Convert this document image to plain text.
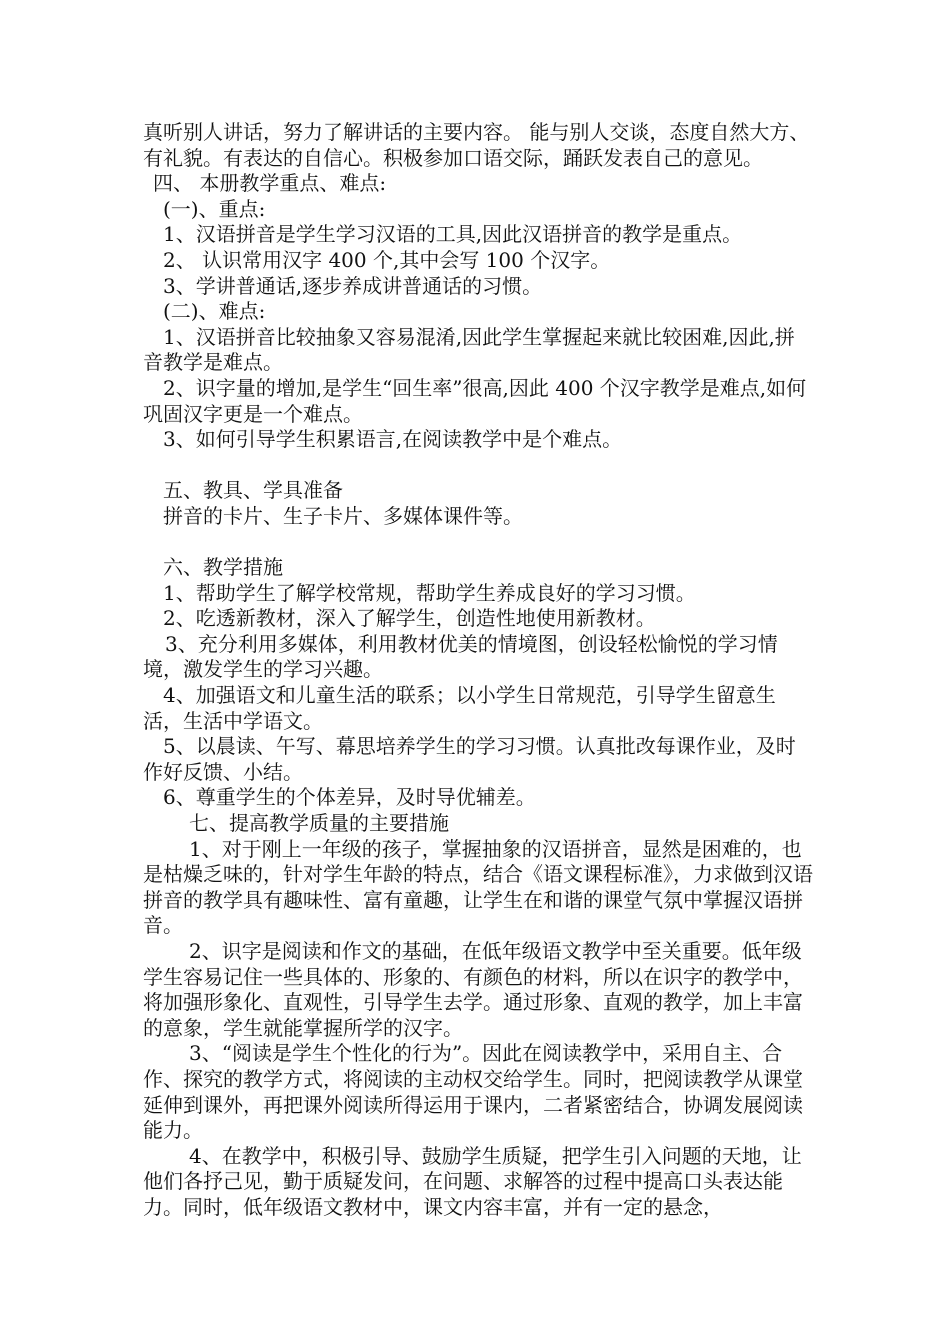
真听别人讲话，努力了解讲话的主要内容。 能与别人交谈，态度自然大方、有礼貌。有表达的自信心。积极参加口语交际，踊跃发表自己的意见。

四、 本册教学重点、难点:

(一)、重点:

1、汉语拼音是学生学习汉语的工具,因此汉语拼音的教学是重点。

2、 认识常用汉字 400 个,其中会写 100 个汉字。

3、学讲普通话,逐步养成讲普通话的习惯。

(二)、难点:

1、汉语拼音比较抽象又容易混淆,因此学生掌握起来就比较困难,因此,拼音教学是难点。

2、识字量的增加,是学生“回生率”很高,因此 400 个汉字教学是难点,如何巩固汉字更是一个难点。

3、如何引导学生积累语言,在阅读教学中是个难点。

五、教具、学具准备

拼音的卡片、生子卡片、多媒体课件等。

六、教学措施

1、帮助学生了解学校常规，帮助学生养成良好的学习习惯。

2、吃透新教材，深入了解学生，创造性地使用新教材。

3、充分利用多媒体，利用教材优美的情境图，创设轻松愉悦的学习情境，激发学生的学习兴趣。

4、加强语文和儿童生活的联系；以小学生日常规范，引导学生留意生活，生活中学语文。

5、以晨读、午写、幕思培养学生的学习习惯。认真批改每课作业，及时作好反馈、小结。

6、尊重学生的个体差异，及时导优辅差。

七、提高教学质量的主要措施

1、对于刚上一年级的孩子，掌握抽象的汉语拼音，显然是困难的，也是枯燥乏味的，针对学生年龄的特点，结合《语文课程标准》，力求做到汉语拼音的教学具有趣味性、富有童趣，让学生在和谐的课堂气氛中掌握汉语拼音。

2、识字是阅读和作文的基础，在低年级语文教学中至关重要。低年级学生容易记住一些具体的、形象的、有颜色的材料，所以在识字的教学中，将加强形象化、直观性，引导学生去学。通过形象、直观的教学，加上丰富的意象，学生就能掌握所学的汉字。

3、“阅读是学生个性化的行为”。因此在阅读教学中，采用自主、合作、探究的教学方式，将阅读的主动权交给学生。同时，把阅读教学从课堂延伸到课外，再把课外阅读所得运用于课内，二者紧密结合，协调发展阅读能力。

4、在教学中，积极引导、鼓励学生质疑，把学生引入问题的天地，让他们各抒己见，勤于质疑发问，在问题、求解答的过程中提高口头表达能力。同时，低年级语文教材中，课文内容丰富，并有一定的悬念，
